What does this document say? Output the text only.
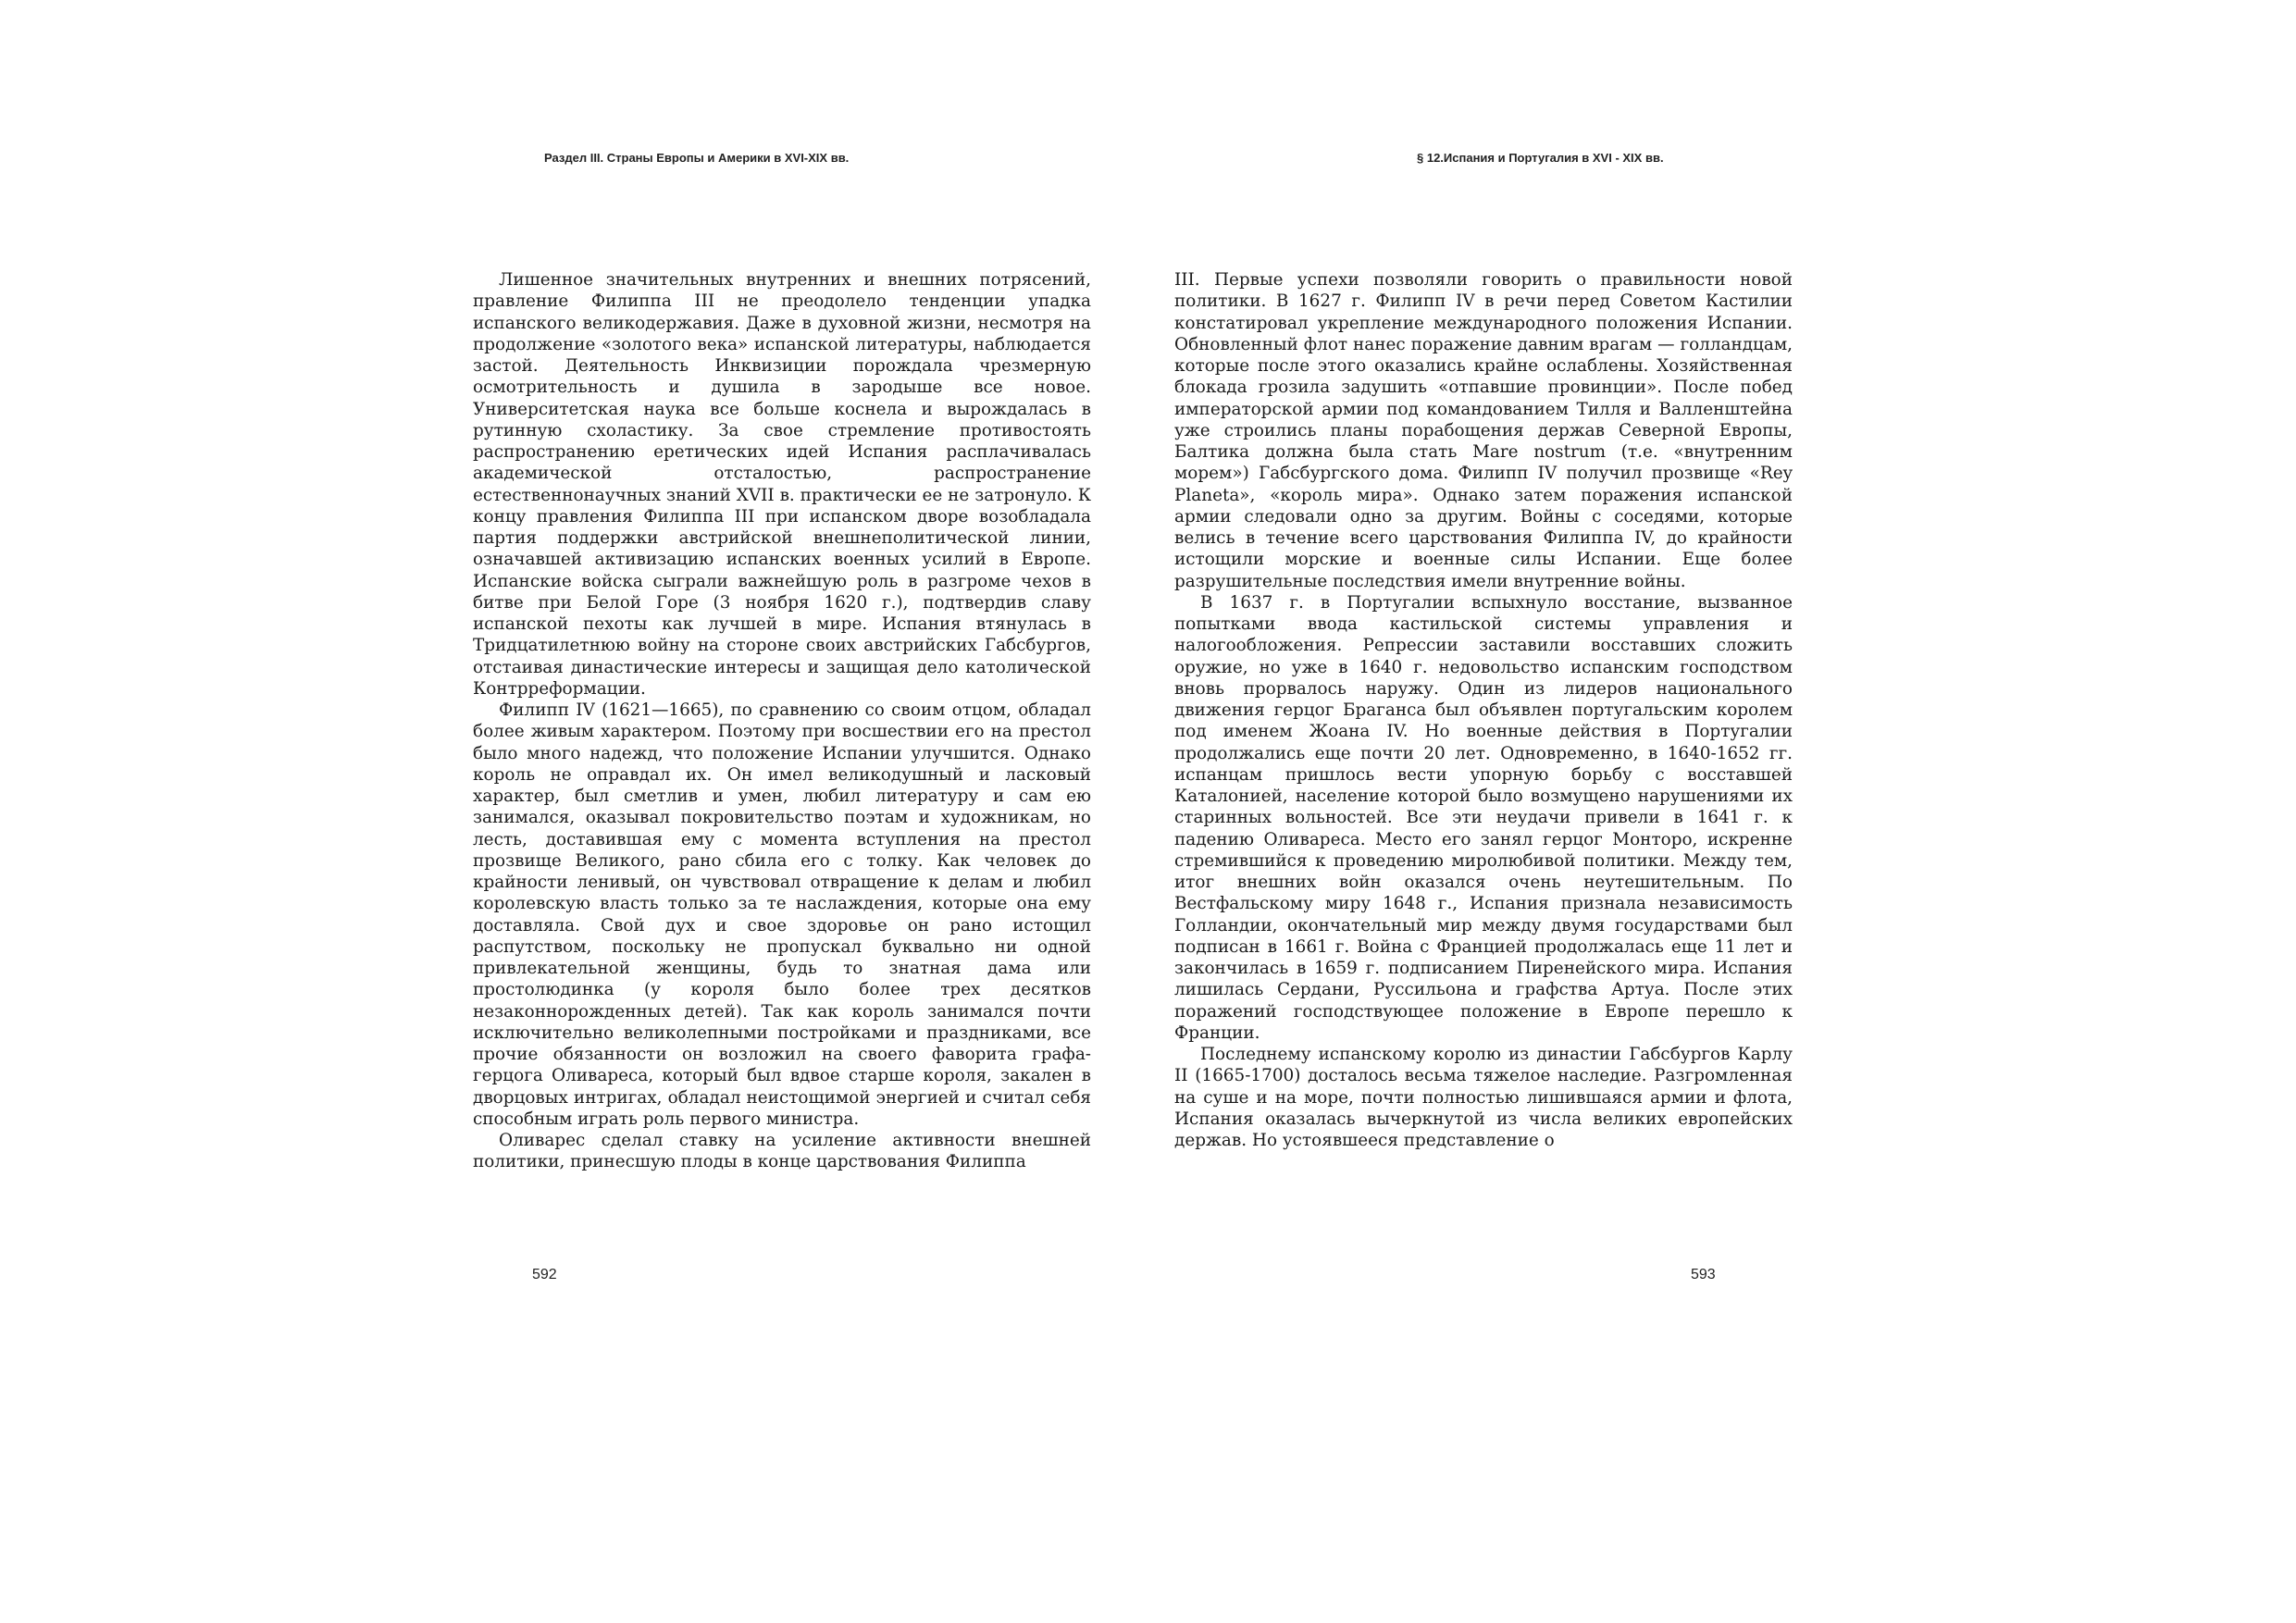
Раздел III. Страны Европы и Америки в XVI-XIX вв.	§ 12.Испания и Португалия в XVI - XIX вв.

Лишенное значительных внутренних и внешних потрясений, правление Филиппа III не преодолело тенденции упадка испанского великодержавия. Даже в духовной жизни, несмотря на продолжение «золотого века» испанской литературы, наблюдается застой. Деятельность Инквизиции порождала чрезмерную осмотрительность и душила в зародыше все новое. Университетская наука все больше коснела и вырождалась в рутинную схоластику. За свое стремление противостоять распространению еретических идей Испания расплачивалась академической отсталостью, распространение естественнонаучных знаний XVII в. практически ее не затронуло. К концу правления Филиппа III при испанском дворе возобладала партия поддержки австрийской внешнеполитической линии, означавшей активизацию испанских военных усилий в Европе. Испанские войска сыграли важнейшую роль в разгроме чехов в битве при Белой Горе (3 ноября 1620 г.), подтвердив славу испанской пехоты как лучшей в мире. Испания втянулась в Тридцатилетнюю войну на стороне своих австрийских Габсбургов, отстаивая династические интересы и защищая дело католической Контрреформации.

Филипп IV (1621—1665), по сравнению со своим отцом, обладал более живым характером. Поэтому при восшествии его на престол было много надежд, что положение Испании улучшится. Однако король не оправдал их. Он имел великодушный и ласковый характер, был сметлив и умен, любил литературу и сам ею занимался, оказывал покровительство поэтам и художникам, но лесть, доставившая ему с момента вступления на престол прозвище Великого, рано сбила его с толку. Как человек до крайности ленивый, он чувствовал отвращение к делам и любил королевскую власть только за те наслаждения, которые она ему доставляла. Свой дух и свое здоровье он рано истощил распутством, поскольку не пропускал буквально ни одной привлекательной женщины, будь то знатная дама или простолюдинка (у короля было более трех десятков незаконнорожденных детей). Так как король занимался почти исключительно великолепными постройками и праздниками, все прочие обязанности он возложил на своего фаворита графа-герцога Оливареса, который был вдвое старше короля, закален в дворцовых интригах, обладал неистощимой энергией и считал себя способным играть роль первого министра.

Оливарес сделал ставку на усиление активности внешней политики, принесшую плоды в конце царствования Филиппа

III. Первые успехи позволяли говорить о правильности новой политики. В 1627 г. Филипп IV в речи перед Советом Кастилии констатировал укрепление международного положения Испании. Обновленный флот нанес поражение давним врагам — голландцам, которые после этого оказались крайне ослаблены. Хозяйственная блокада грозила задушить «отпавшие провинции». После побед императорской армии под командованием Тилля и Валленштейна уже строились планы порабощения держав Северной Европы, Балтика должна была стать Mare nostrum (т.е. «внутренним морем») Габсбургского дома. Филипп IV получил прозвище «Rey Planeta», «король мира». Однако затем поражения испанской армии следовали одно за другим. Войны с соседями, которые велись в течение всего царствования Филиппа IV, до крайности истощили морские и военные силы Испании. Еще более разрушительные последствия имели внутренние войны.

В 1637 г. в Португалии вспыхнуло восстание, вызванное попытками ввода кастильской системы управления и налогообложения. Репрессии заставили восставших сложить оружие, но уже в 1640 г. недовольство испанским господством вновь прорвалось наружу. Один из лидеров национального движения герцог Браганса был объявлен португальским королем под именем Жоана IV. Но военные действия в Португалии продолжались еще почти 20 лет. Одновременно, в 1640-1652 гг. испанцам пришлось вести упорную борьбу с восставшей Каталонией, население которой было возмущено нарушениями их старинных вольностей. Все эти неудачи привели в 1641 г. к падению Оливареса. Место его занял герцог Монторо, искренне стремившийся к проведению миролюбивой политики. Между тем, итог внешних войн оказался очень неутешительным. По Вестфальскому миру 1648 г., Испания признала независимость Голландии, окончательный мир между двумя государствами был подписан в 1661 г. Война с Францией продолжалась еще 11 лет и закончилась в 1659 г. подписанием Пиренейского мира. Испания лишилась Сердани, Руссильона и графства Артуа. После этих поражений господствующее положение в Европе перешло к Франции.

Последнему испанскому королю из династии Габсбургов Карлу II (1665-1700) досталось весьма тяжелое наследие. Разгромленная на суше и на море, почти полностью лишившаяся армии и флота, Испания оказалась вычеркнутой из числа великих европейских держав. Но устоявшееся представление о

592	593
